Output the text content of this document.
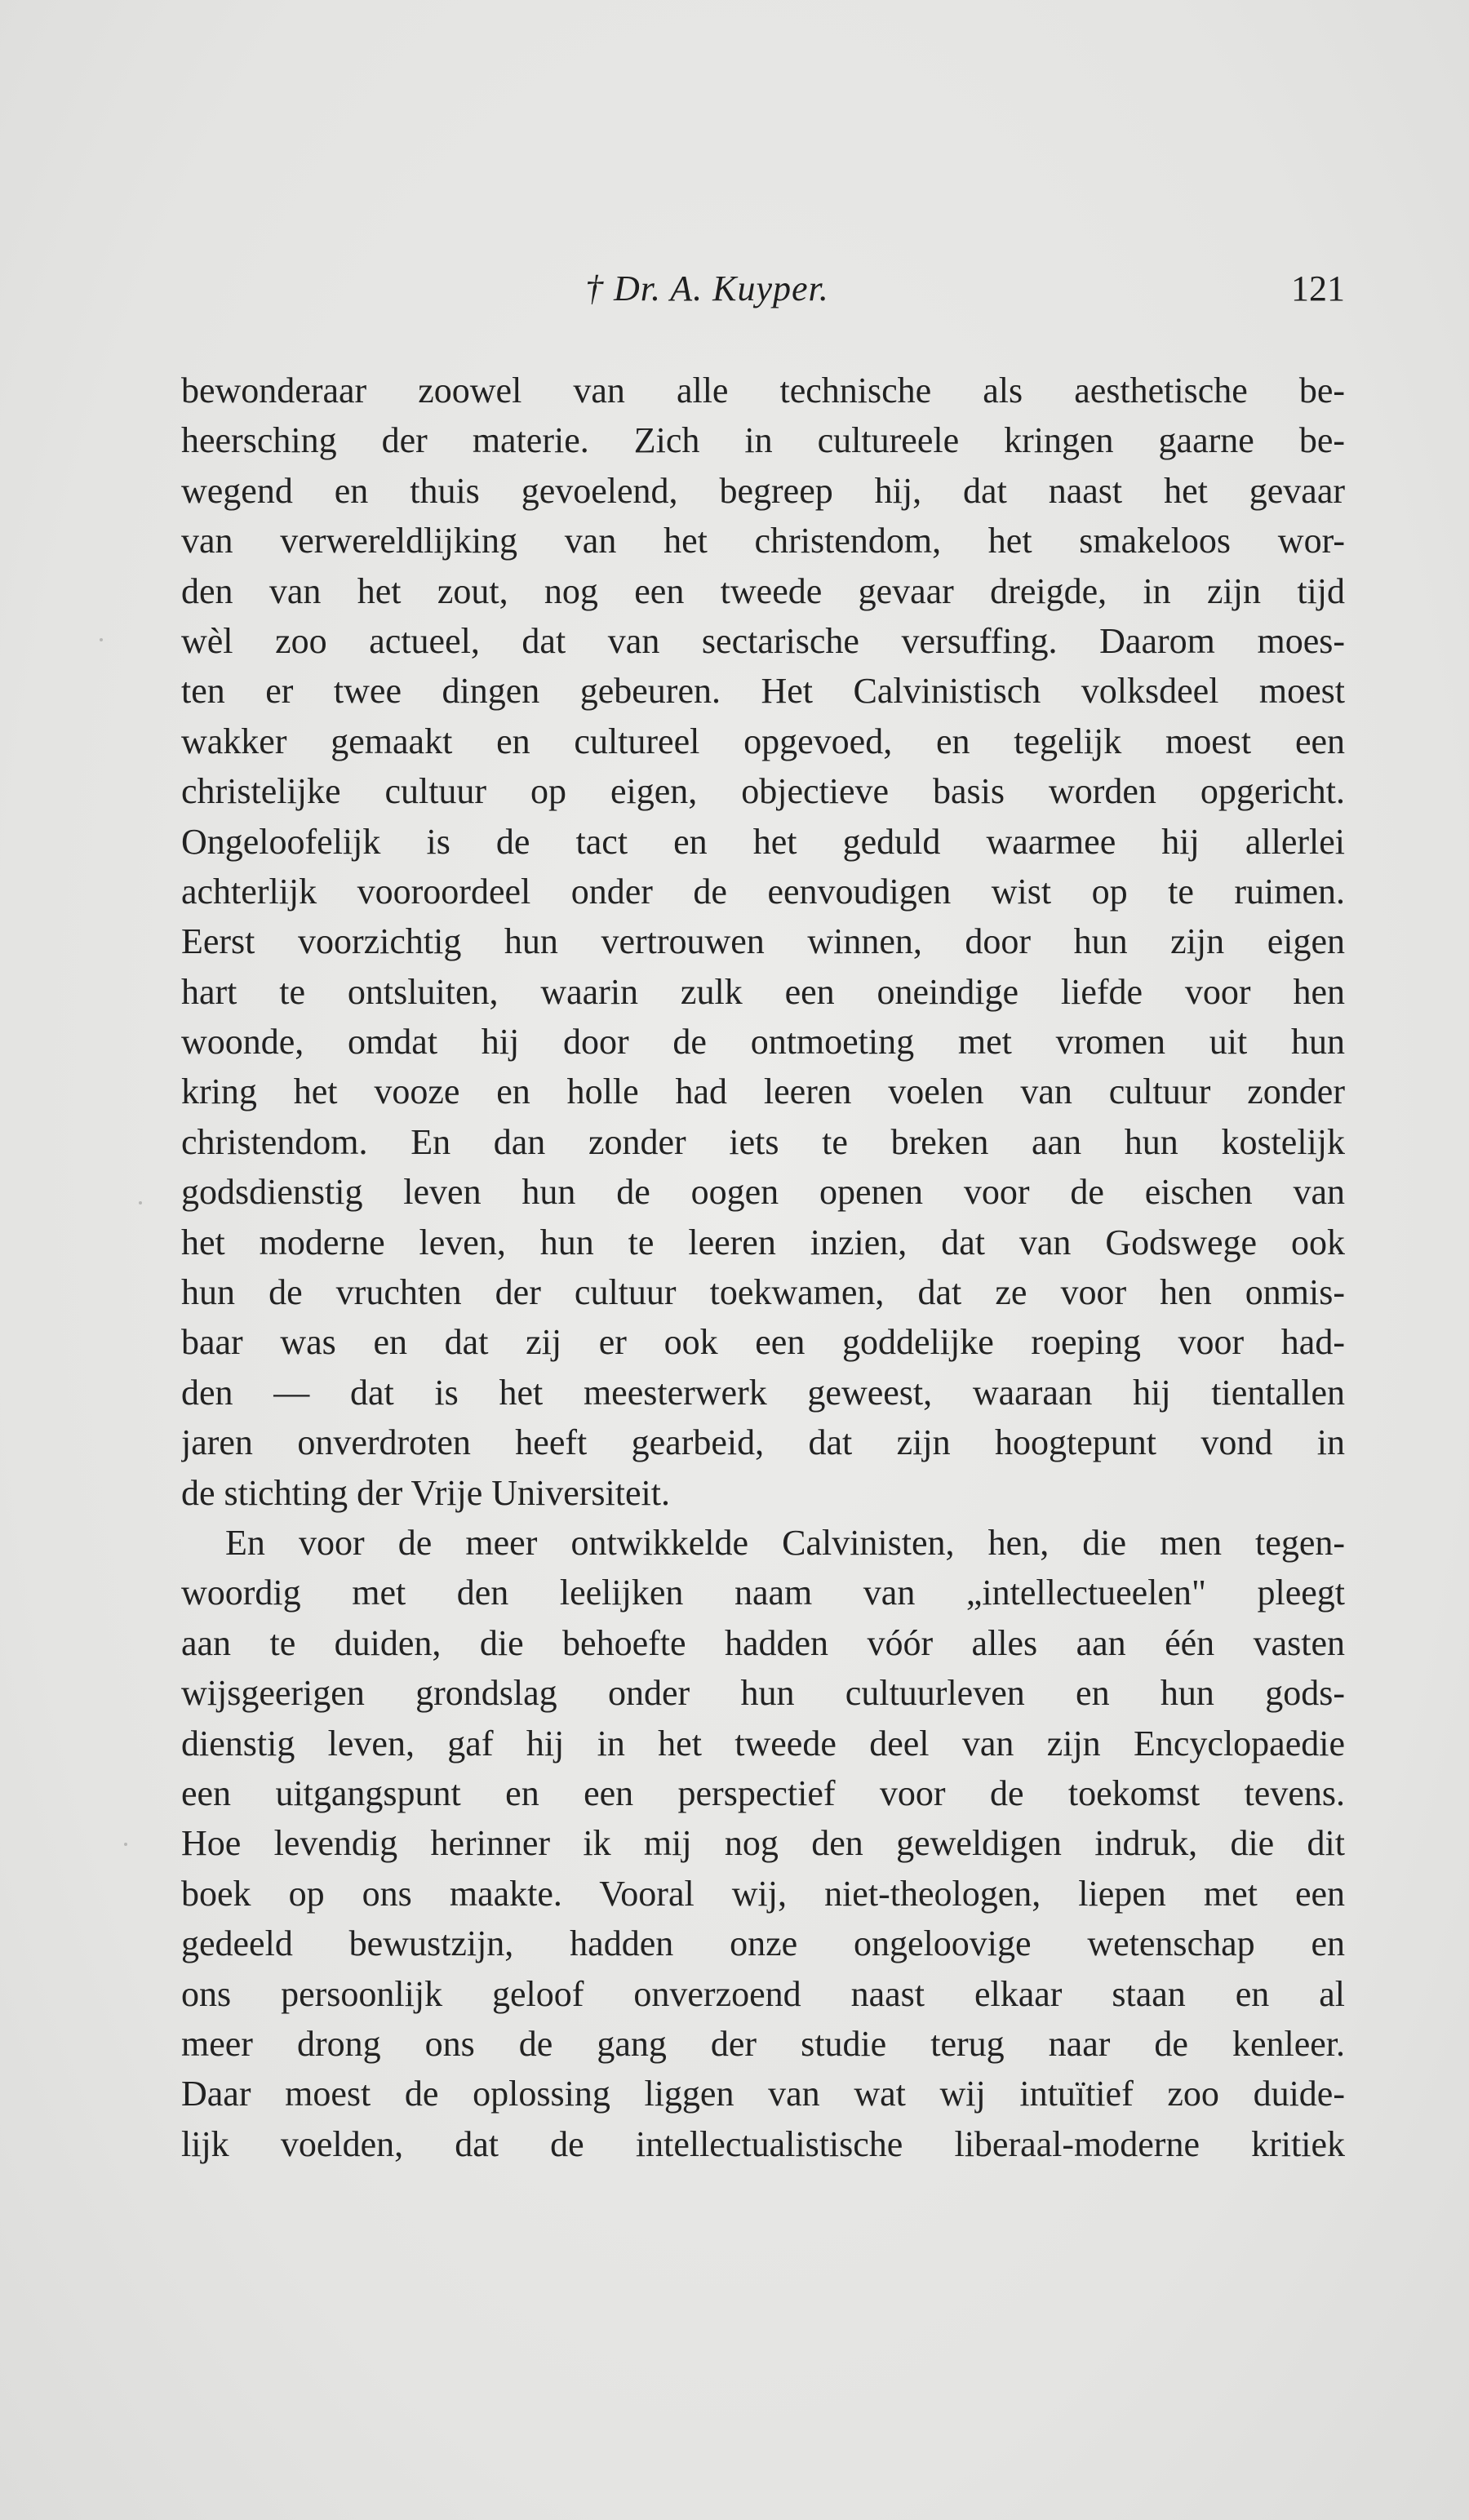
† Dr. A. Kuyper.	121
bewonderaar zoowel van alle technische als aesthetische be-
heersching der materie. Zich in cultureele kringen gaarne be-
wegend en thuis gevoelend, begreep hij, dat naast het gevaar
van verwereldlijking van het christendom, het smakeloos wor-
den van het zout, nog een tweede gevaar dreigde, in zijn tijd
wèl zoo actueel, dat van sectarische versuffing. Daarom moes-
ten er twee dingen gebeuren. Het Calvinistisch volksdeel moest
wakker gemaakt en cultureel opgevoed, en tegelijk moest een
christelijke cultuur op eigen, objectieve basis worden opgericht.
Ongeloofelijk is de tact en het geduld waarmee hij allerlei
achterlijk vooroordeel onder de eenvoudigen wist op te ruimen.
Eerst voorzichtig hun vertrouwen winnen, door hun zijn eigen
hart te ontsluiten, waarin zulk een oneindige liefde voor hen
woonde, omdat hij door de ontmoeting met vromen uit hun
kring het vooze en holle had leeren voelen van cultuur zonder
christendom. En dan zonder iets te breken aan hun kostelijk
godsdienstig leven hun de oogen openen voor de eischen van
het moderne leven, hun te leeren inzien, dat van Godswege ook
hun de vruchten der cultuur toekwamen, dat ze voor hen onmis-
baar was en dat zij er ook een goddelijke roeping voor had-
den — dat is het meesterwerk geweest, waaraan hij tientallen
jaren onverdroten heeft gearbeid, dat zijn hoogtepunt vond in
de stichting der Vrije Universiteit.
En voor de meer ontwikkelde Calvinisten, hen, die men tegen-
woordig met den leelijken naam van „intellectueelen" pleegt
aan te duiden, die behoefte hadden vóór alles aan één vasten
wijsgeerigen grondslag onder hun cultuurleven en hun gods-
dienstig leven, gaf hij in het tweede deel van zijn Encyclopaedie
een uitgangspunt en een perspectief voor de toekomst tevens.
Hoe levendig herinner ik mij nog den geweldigen indruk, die dit
boek op ons maakte. Vooral wij, niet-theologen, liepen met een
gedeeld bewustzijn, hadden onze ongeloovige wetenschap en
ons persoonlijk geloof onverzoend naast elkaar staan en al
meer drong ons de gang der studie terug naar de kenleer.
Daar moest de oplossing liggen van wat wij intuïtief zoo duide-
lijk voelden, dat de intellectualistische liberaal-moderne kritiek
